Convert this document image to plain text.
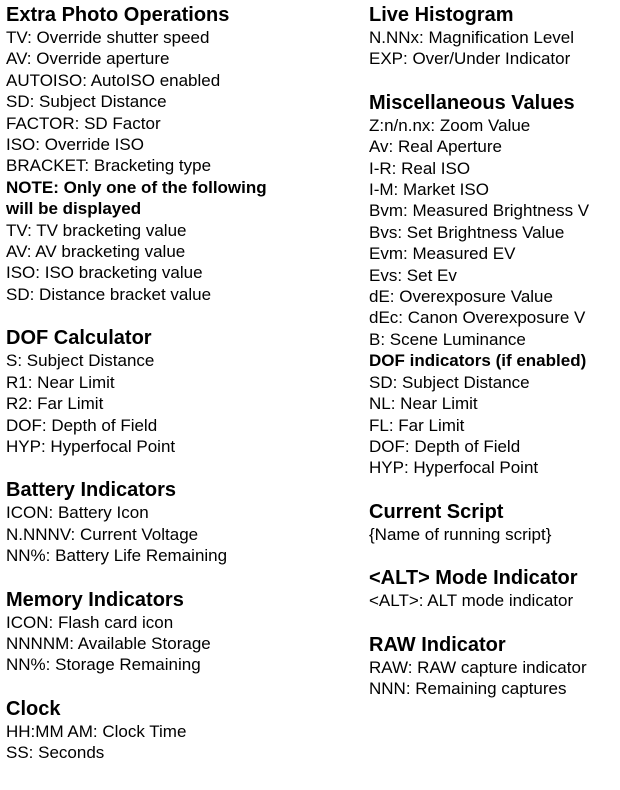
Extra Photo Operations
TV: Override shutter speed
AV: Override aperture
AUTOISO: AutoISO enabled
SD: Subject Distance
FACTOR: SD Factor
ISO: Override ISO
BRACKET: Bracketing type
NOTE: Only one of the following
will be displayed
TV: TV bracketing value
AV: AV bracketing value
ISO: ISO bracketing value
SD: Distance bracket value
DOF Calculator
S: Subject Distance
R1: Near Limit
R2: Far Limit
DOF: Depth of Field
HYP: Hyperfocal Point
Battery Indicators
ICON: Battery Icon
N.NNNV: Current Voltage
NN%: Battery Life Remaining
Memory Indicators
ICON: Flash card icon
NNNNM: Available Storage
NN%: Storage Remaining
Clock
HH:MM AM: Clock Time
SS: Seconds
Live Histogram
N.NNx: Magnification Level
EXP: Over/Under Indicator
Miscellaneous Values
Z:n/n.nx: Zoom Value
Av: Real Aperture
I-R: Real ISO
I-M: Market ISO
Bvm: Measured Brightness V
Bvs: Set Brightness Value
Evm: Measured EV
Evs: Set Ev
dE: Overexposure Value
dEc: Canon Overexposure V
B: Scene Luminance
DOF indicators (if enabled)
SD: Subject Distance
NL: Near Limit
FL: Far Limit
DOF: Depth of Field
HYP: Hyperfocal Point
Current Script
{Name of running script}
<ALT> Mode Indicator
<ALT>: ALT mode indicator
RAW Indicator
RAW: RAW capture indicator
NNN: Remaining captures
